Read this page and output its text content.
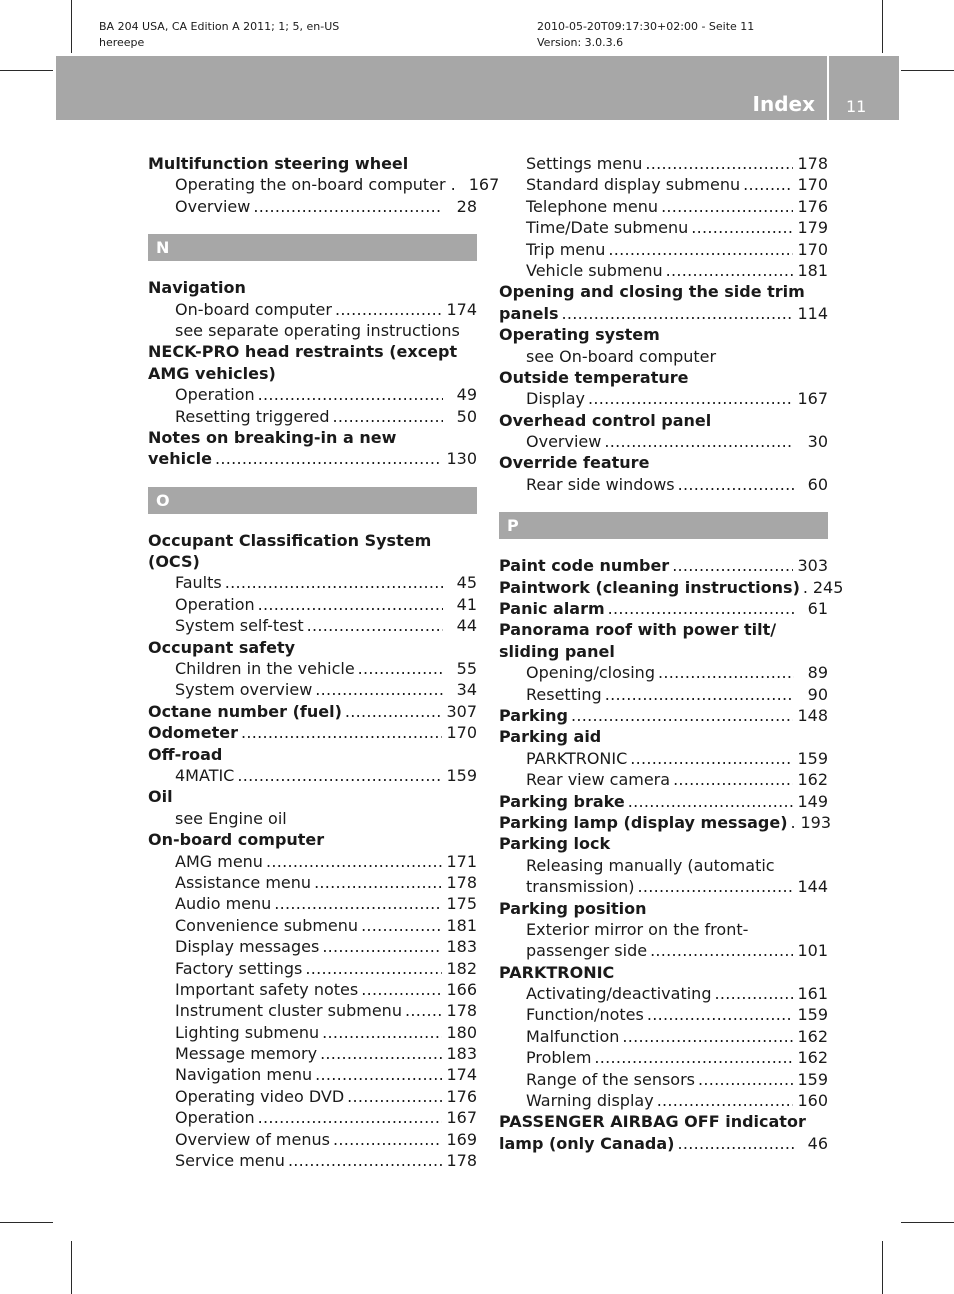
BA 204 USA, CA Edition A 2011; 1; 5, en-US
hereepe
2010-05-20T09:17:30+02:00 - Seite 11
Version: 3.0.3.6
Index 11
Multifunction steering wheel
Operating the on-board computer . 167
Overview . . .	28
N
Navigation
On-board computer . . .	174
see separate operating instructions
NECK-PRO head restraints (except
AMG vehicles)
Operation . . .	49
Resetting triggered . . .	50
Notes on breaking-in a new
vehicle . . .	130
O
Occupant Classification System
(OCS)
Faults . . .	45
Operation . . .	41
System self-test . . .	44
Occupant safety
Children in the vehicle . . .	55
System overview . . .	34
Octane number (fuel) . . .	307
Odometer . . .	170
Off-road
4MATIC . . .	159
Oil
see Engine oil
On-board computer
AMG menu . . .	171
Assistance menu . . .	178
Audio menu . . .	175
Convenience submenu . . .	181
Display messages . . .	183
Factory settings . . .	182
Important safety notes . . .	166
Instrument cluster submenu . . .	178
Lighting submenu . . .	180
Message memory . . .	183
Navigation menu . . .	174
Operating video DVD . . .	176
Operation . . .	167
Overview of menus . . .	169
Service menu . . .	178
Settings menu . . .	178
Standard display submenu . . .	170
Telephone menu . . .	176
Time/Date submenu . . .	179
Trip menu . . .	170
Vehicle submenu . . .	181
Opening and closing the side trim
panels . . .	114
Operating system
see On-board computer
Outside temperature
Display . . .	167
Overhead control panel
Overview . . .	30
Override feature
Rear side windows . . .	60
P
Paint code number . . .	303
Paintwork (cleaning instructions) . . . 245
Panic alarm . . .	61
Panorama roof with power tilt/
sliding panel
Opening/closing . . .	89
Resetting . . .	90
Parking . . .	148
Parking aid
PARKTRONIC . . .	159
Rear view camera . . .	162
Parking brake . . .	149
Parking lamp (display message) . . . 193
Parking lock
Releasing manually (automatic
transmission) . . .	144
Parking position
Exterior mirror on the front-
passenger side . . .	101
PARKTRONIC
Activating/deactivating . . .	161
Function/notes . . .	159
Malfunction . . .	162
Problem . . .	162
Range of the sensors . . .	159
Warning display . . .	160
PASSENGER AIRBAG OFF indicator
lamp (only Canada) . . .	46
